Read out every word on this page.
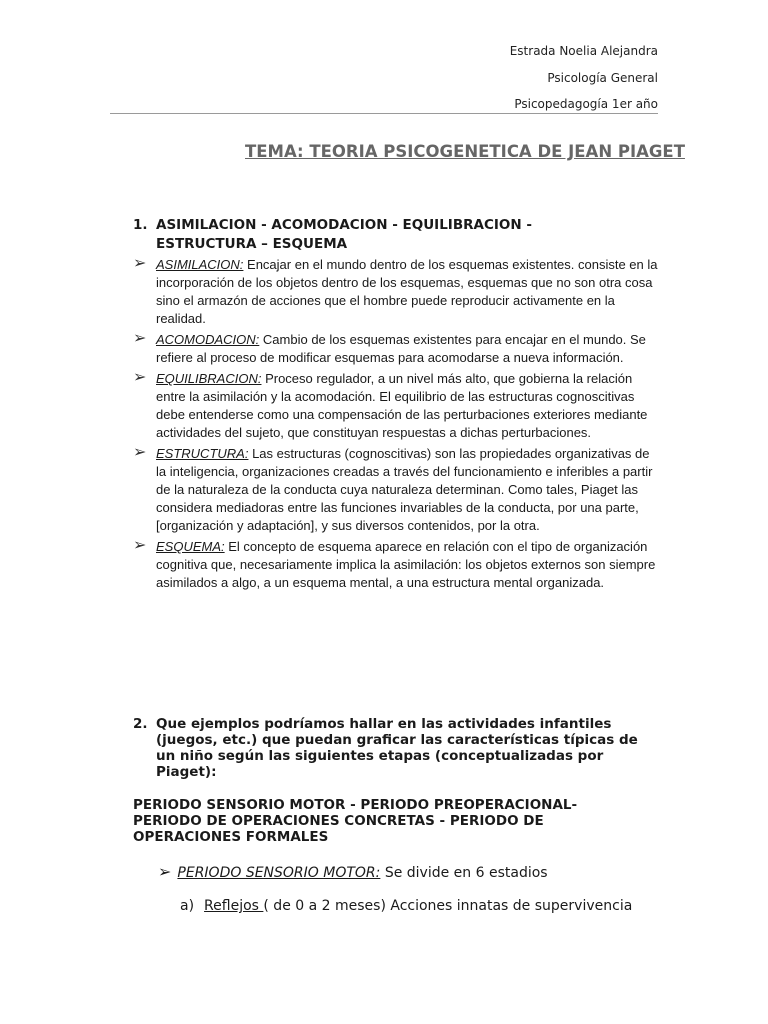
Estrada Noelia Alejandra
Psicología General
Psicopedagogía 1er año
TEMA: TEORIA PSICOGENETICA DE JEAN PIAGET
1. ASIMILACION - ACOMODACION - EQUILIBRACION - ESTRUCTURA – ESQUEMA
➢ ASIMILACION: Encajar en el mundo dentro de los esquemas existentes. consiste en la incorporación de los objetos dentro de los esquemas, esquemas que no son otra cosa sino el armazón de acciones que el hombre puede reproducir activamente en la realidad.
➢ ACOMODACION: Cambio de los esquemas existentes para encajar en el mundo. Se refiere al proceso de modificar esquemas para acomodarse a nueva información.
➢ EQUILIBRACION: Proceso regulador, a un nivel más alto, que gobierna la relación entre la asimilación y la acomodación. El equilibrio de las estructuras cognoscitivas debe entenderse como una compensación de las perturbaciones exteriores mediante actividades del sujeto, que constituyan respuestas a dichas perturbaciones.
➢ ESTRUCTURA: Las estructuras (cognoscitivas) son las propiedades organizativas de la inteligencia, organizaciones creadas a través del funcionamiento e inferibles a partir de la naturaleza de la conducta cuya naturaleza determinan. Como tales, Piaget las considera mediadoras entre las funciones invariables de la conducta, por una parte, [organización y adaptación], y sus diversos contenidos, por la otra.
➢ ESQUEMA: El concepto de esquema aparece en relación con el tipo de organización cognitiva que, necesariamente implica la asimilación: los objetos externos son siempre asimilados a algo, a un esquema mental, a una estructura mental organizada.
2. Que ejemplos podríamos hallar en las actividades infantiles (juegos, etc.) que puedan graficar las características típicas de un niño según las siguientes etapas (conceptualizadas por Piaget):
PERIODO SENSORIO MOTOR - PERIODO PREOPERACIONAL- PERIODO DE OPERACIONES CONCRETAS - PERIODO DE OPERACIONES FORMALES
➢ PERIODO SENSORIO MOTOR: Se divide en 6 estadios
a) Reflejos ( de 0 a 2 meses) Acciones innatas de supervivencia
